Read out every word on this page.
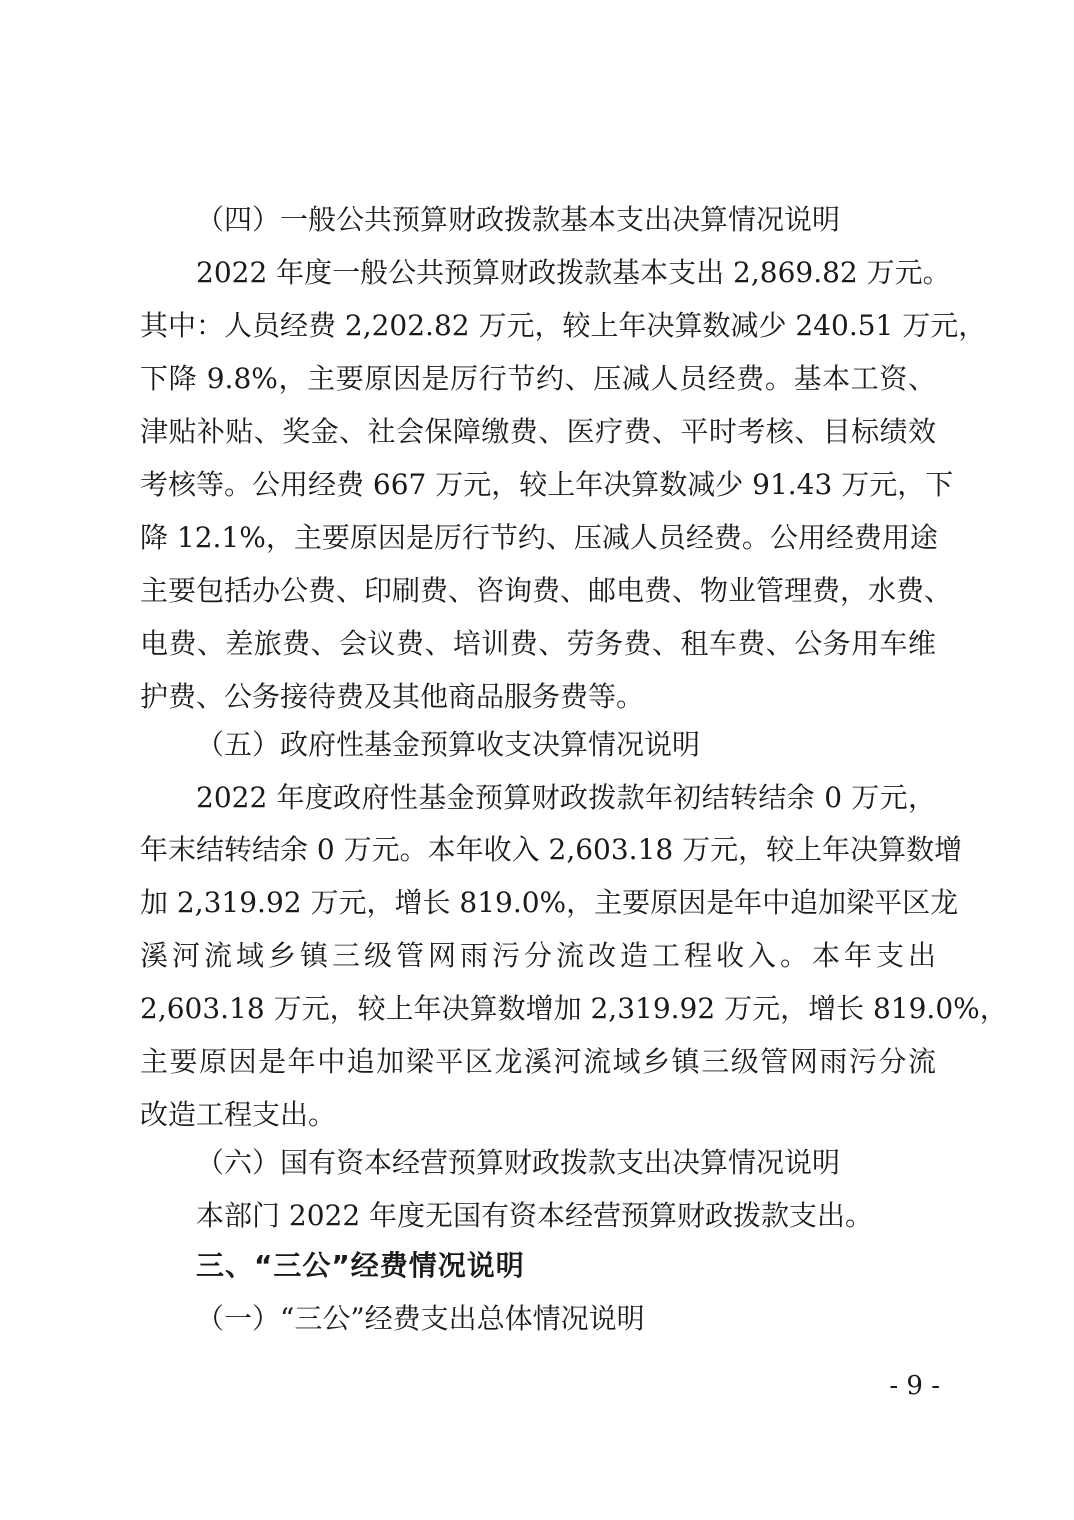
（四）一般公共预算财政拨款基本支出决算情况说明
2022 年度一般公共预算财政拨款基本支出 2,869.82 万元。
其中：人员经费 2,202.82 万元，较上年决算数减少 240.51 万元，
下降 9.8%，主要原因是厉行节约、压减人员经费。基本工资、
津贴补贴、奖金、社会保障缴费、医疗费、平时考核、目标绩效
考核等。公用经费 667 万元，较上年决算数减少 91.43 万元，下
降 12.1%，主要原因是厉行节约、压减人员经费。公用经费用途
主要包括办公费、印刷费、咨询费、邮电费、物业管理费，水费、
电费、差旅费、会议费、培训费、劳务费、租车费、公务用车维
护费、公务接待费及其他商品服务费等。
（五）政府性基金预算收支决算情况说明
2022 年度政府性基金预算财政拨款年初结转结余 0 万元，
年末结转结余 0 万元。本年收入 2,603.18 万元，较上年决算数增
加 2,319.92 万元，增长 819.0%，主要原因是年中追加梁平区龙
溪河流域乡镇三级管网雨污分流改造工程收入。本年支出
2,603.18 万元，较上年决算数增加 2,319.92 万元，增长 819.0%，
主要原因是年中追加梁平区龙溪河流域乡镇三级管网雨污分流
改造工程支出。
（六）国有资本经营预算财政拨款支出决算情况说明
本部门 2022 年度无国有资本经营预算财政拨款支出。
三、“三公”经费情况说明
（一）“三公”经费支出总体情况说明
- 9 -
